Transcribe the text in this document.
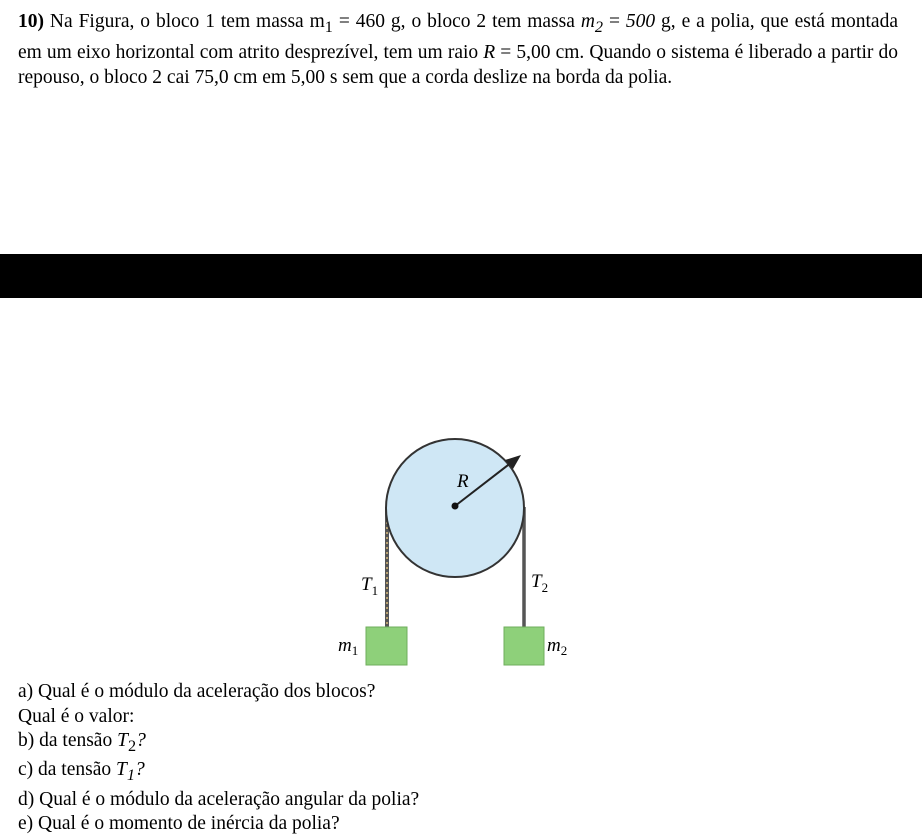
10) Na Figura, o bloco 1 tem massa $m_1 = 460$ g, o bloco 2 tem massa $m_2 = 500$ g, e a polia, que está montada em um eixo horizontal com atrito desprezível, tem um raio R = 5,00 cm. Quando o sistema é liberado a partir do repouso, o bloco 2 cai 75,0 cm em 5,00 s sem que a corda deslize na borda da polia.

R
$T_1$	$T_2$
$m_1$	$m_2$
a) Qual é o módulo da aceleração dos blocos?
Qual é o valor:
b) da tensão $T_2$?
c) da tensão $T_1$?
d) Qual é o módulo da aceleração angular da polia?
e) Qual é o momento de inércia da polia?
